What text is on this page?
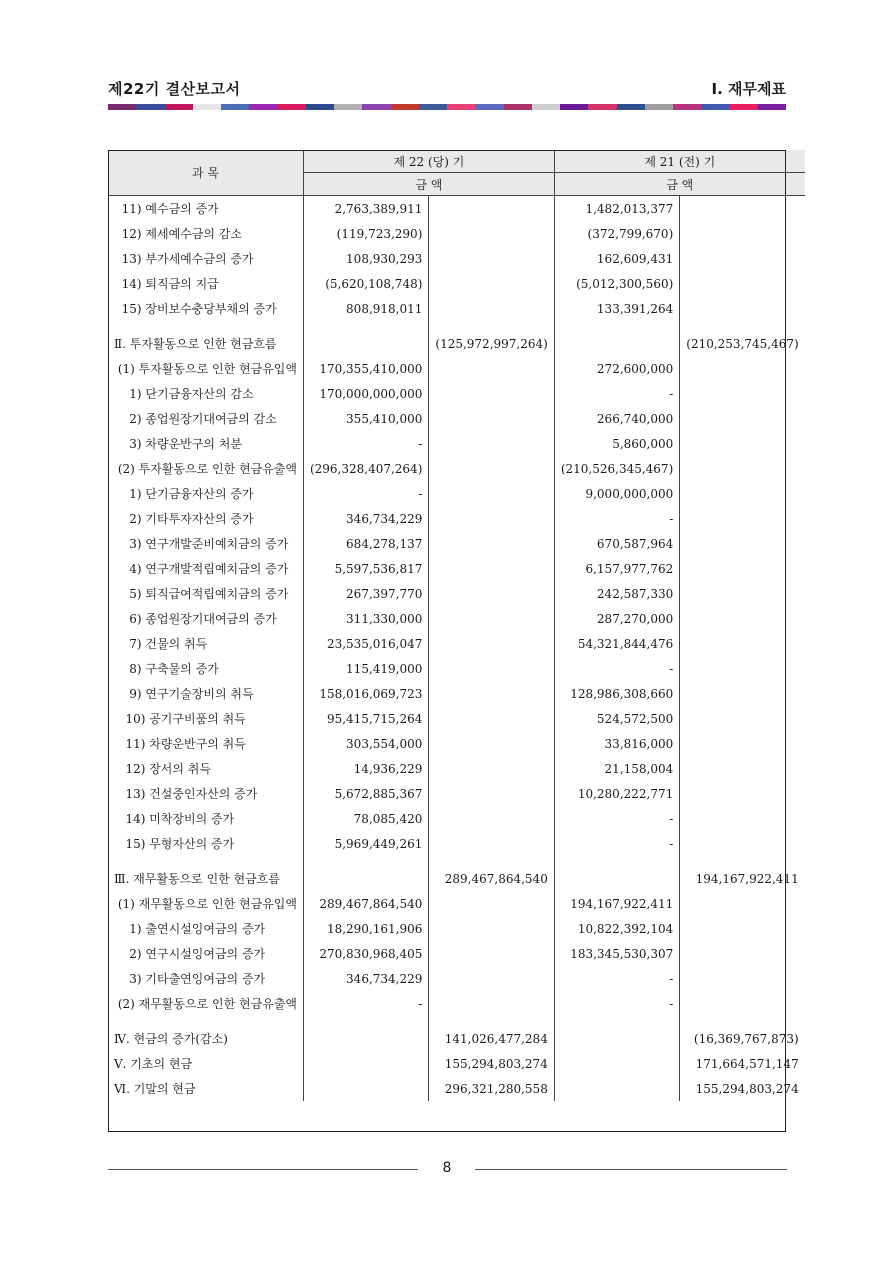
제22기 결산보고서	Ⅰ. 재무제표
과 목	제 22 (당) 기		제 21 (전) 기	
	금 액		금 액	
11) 예수금의 증가	2,763,389,911		1,482,013,377	
12) 제세예수금의 감소	(119,723,290)		(372,799,670)	
13) 부가세예수금의 증가	108,930,293		162,609,431	
14) 퇴직금의 지급	(5,620,108,748)		(5,012,300,560)	
15) 장비보수충당부채의 증가	808,918,011		133,391,264	

Ⅱ. 투자활동으로 인한 현금흐름		(125,972,997,264)		(210,253,745,467)
(1) 투자활동으로 인한 현금유입액	170,355,410,000		272,600,000	
1) 단기금융자산의 감소	170,000,000,000		-	
2) 종업원장기대여금의 감소	355,410,000		266,740,000	
3) 차량운반구의 처분	-		5,860,000	
(2) 투자활동으로 인한 현금유출액	(296,328,407,264)		(210,526,345,467)	
1) 단기금융자산의 증가	-		9,000,000,000	
2) 기타투자자산의 증가	346,734,229		-	
3) 연구개발준비예치금의 증가	684,278,137		670,587,964	
4) 연구개발적립예치금의 증가	5,597,536,817		6,157,977,762	
5) 퇴직급여적립예치금의 증가	267,397,770		242,587,330	
6) 종업원장기대여금의 증가	311,330,000		287,270,000	
7) 건물의 취득	23,535,016,047		54,321,844,476	
8) 구축물의 증가	115,419,000		-	
9) 연구기술장비의 취득	158,016,069,723		128,986,308,660	
10) 공기구비품의 취득	95,415,715,264		524,572,500	
11) 차량운반구의 취득	303,554,000		33,816,000	
12) 장서의 취득	14,936,229		21,158,004	
13) 건설중인자산의 증가	5,672,885,367		10,280,222,771	
14) 미착장비의 증가	78,085,420		-	
15) 무형자산의 증가	5,969,449,261		-	

Ⅲ. 재무활동으로 인한 현금흐름		289,467,864,540		194,167,922,411
(1) 재무활동으로 인한 현금유입액	289,467,864,540		194,167,922,411	
1) 출연시설잉여금의 증가	18,290,161,906		10,822,392,104	
2) 연구시설잉여금의 증가	270,830,968,405		183,345,530,307	
3) 기타출연잉여금의 증가	346,734,229		-	
(2) 재무활동으로 인한 현금유출액	-		-	

Ⅳ. 현금의 증가(감소)		141,026,477,284		(16,369,767,873)
Ⅴ. 기초의 현금		155,294,803,274		171,664,571,147
Ⅵ. 기말의 현금		296,321,280,558		155,294,803,274
8
